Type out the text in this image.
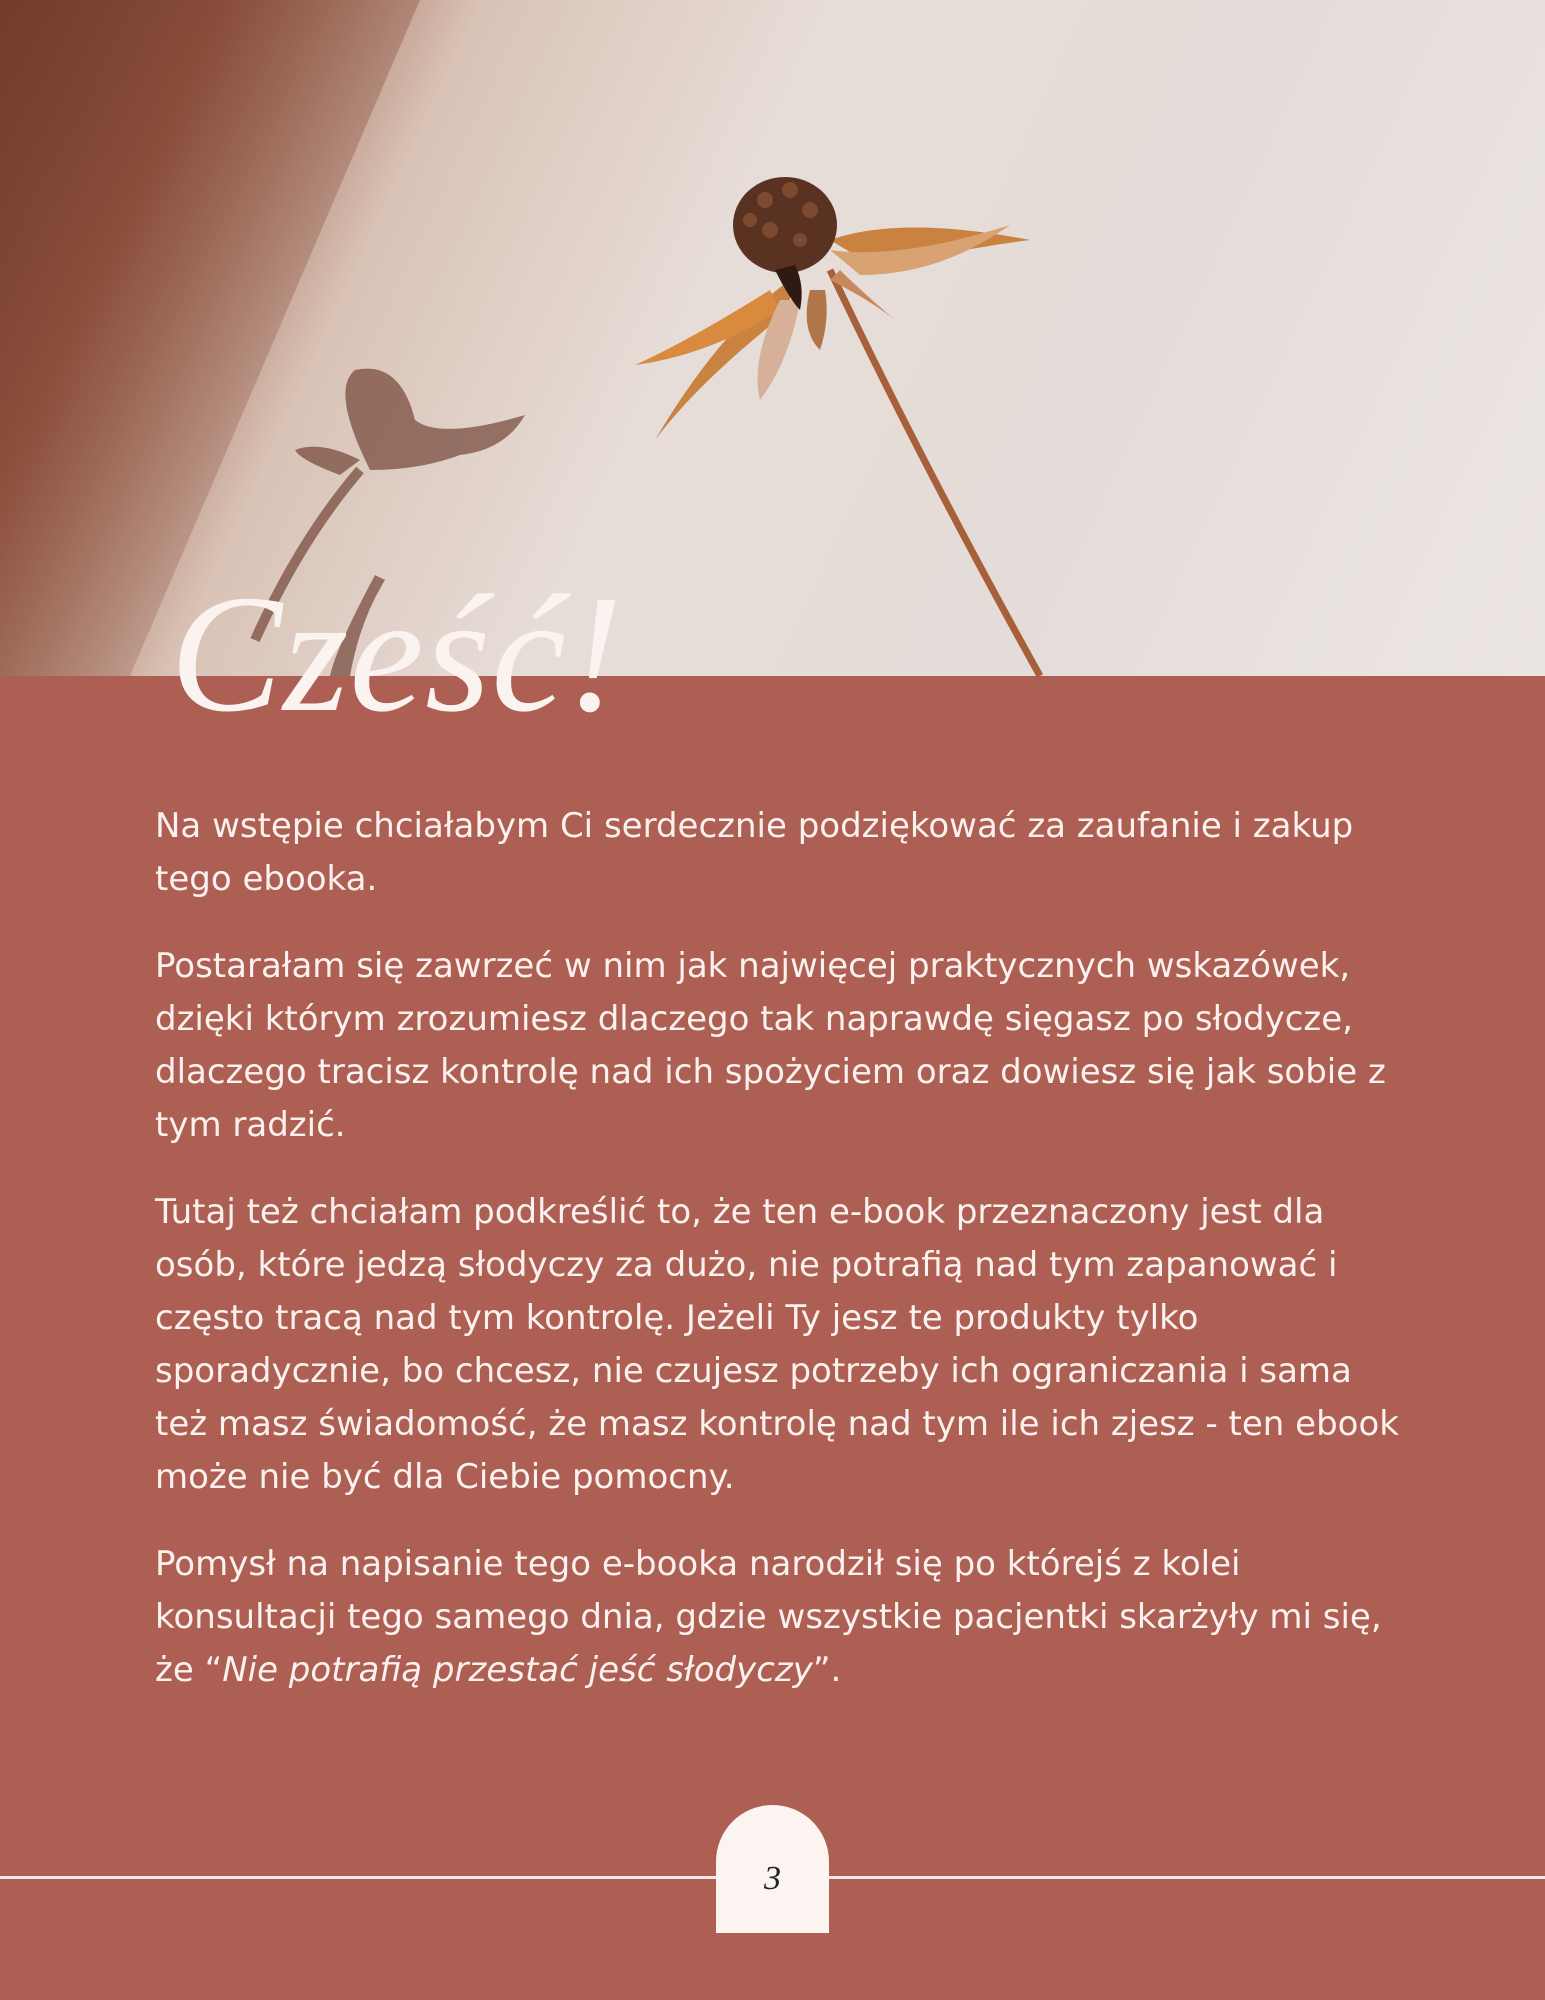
Cześć!

Na wstępie chciałabym Ci serdecznie podziękować za zaufanie i zakup tego ebooka.

Postarałam się zawrzeć w nim jak najwięcej praktycznych wskazówek, dzięki którym zrozumiesz dlaczego tak naprawdę sięgasz po słodycze, dlaczego tracisz kontrolę nad ich spożyciem oraz dowiesz się jak sobie z tym radzić.

Tutaj też chciałam podkreślić to, że ten e-book przeznaczony jest dla osób, które jedzą słodyczy za dużo, nie potrafią nad tym zapanować i często tracą nad tym kontrolę. Jeżeli Ty jesz te produkty tylko sporadycznie, bo chcesz, nie czujesz potrzeby ich ograniczania i sama też masz świadomość, że masz kontrolę nad tym ile ich zjesz - ten ebook może nie być dla Ciebie pomocny.

Pomysł na napisanie tego e-booka narodził się po którejś z kolei konsultacji tego samego dnia, gdzie wszystkie pacjentki skarżyły mi się, że “Nie potrafią przestać jeść słodyczy”.

3
